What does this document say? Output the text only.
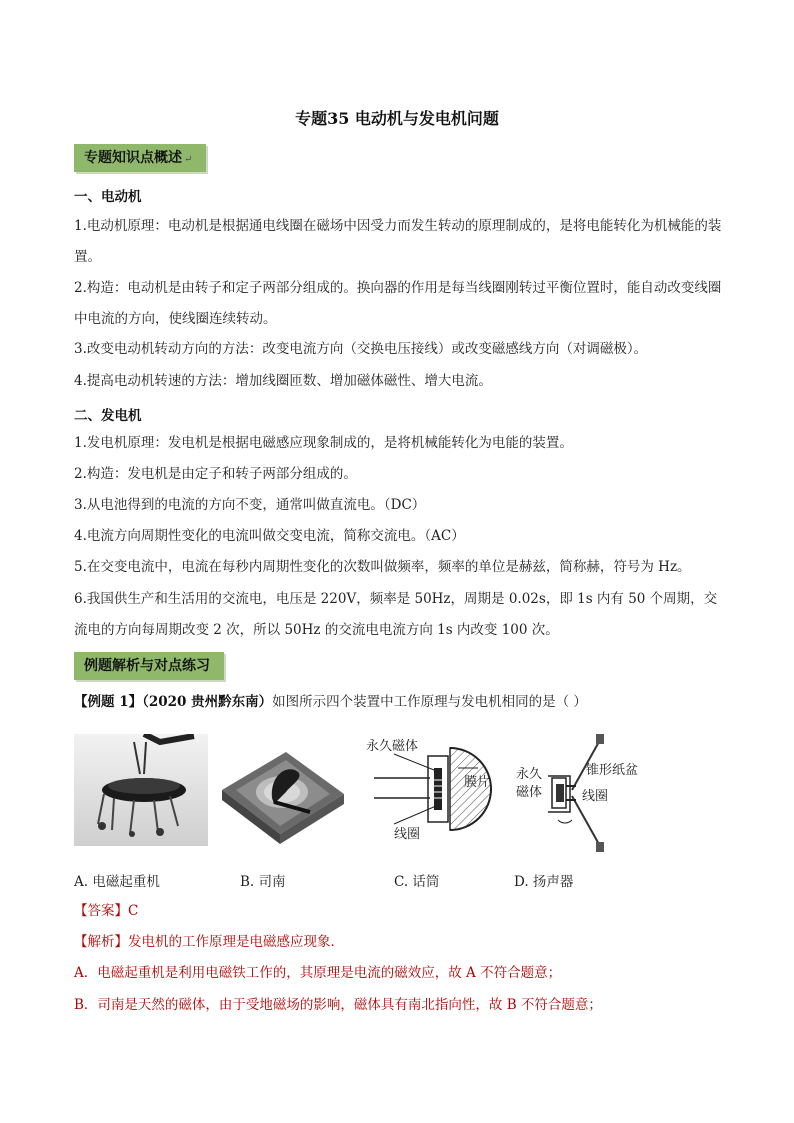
专题35 电动机与发电机问题
专题知识点概述 ↵
一、电动机
1.电动机原理：电动机是根据通电线圈在磁场中因受力而发生转动的原理制成的，是将电能转化为机械能的装置。
2.构造：电动机是由转子和定子两部分组成的。换向器的作用是每当线圈刚转过平衡位置时，能自动改变线圈中电流的方向，使线圈连续转动。
3.改变电动机转动方向的方法：改变电流方向（交换电压接线）或改变磁感线方向（对调磁极）。
4.提高电动机转速的方法：增加线圈匝数、增加磁体磁性、增大电流。
二、发电机
1.发电机原理：发电机是根据电磁感应现象制成的，是将机械能转化为电能的装置。
2.构造：发电机是由定子和转子两部分组成的。
3.从电池得到的电流的方向不变，通常叫做直流电。（DC）
4.电流方向周期性变化的电流叫做交变电流，简称交流电。（AC）
5.在交变电流中，电流在每秒内周期性变化的次数叫做频率，频率的单位是赫兹，简称赫，符号为 Hz。
6.我国供生产和生活用的交流电，电压是 220V，频率是 50Hz，周期是 0.02s，即 1s 内有 50 个周期，交流电的方向每周期改变 2 次，所以 50Hz 的交流电电流方向 1s 内改变 100 次。
例题解析与对点练习
【例题 1】（2020 贵州黔东南）如图所示四个装置中工作原理与发电机相同的是（ ）
永久磁体
膜片
线圈
锥形纸盆
永久
磁体	线圈
A. 电磁起重机	B. 司南	C. 话筒	D. 扬声器
【答案】C
【解析】发电机的工作原理是电磁感应现象．
A．电磁起重机是利用电磁铁工作的，其原理是电流的磁效应，故 A 不符合题意；
B．司南是天然的磁体，由于受地磁场的影响，磁体具有南北指向性，故 B 不符合题意；
